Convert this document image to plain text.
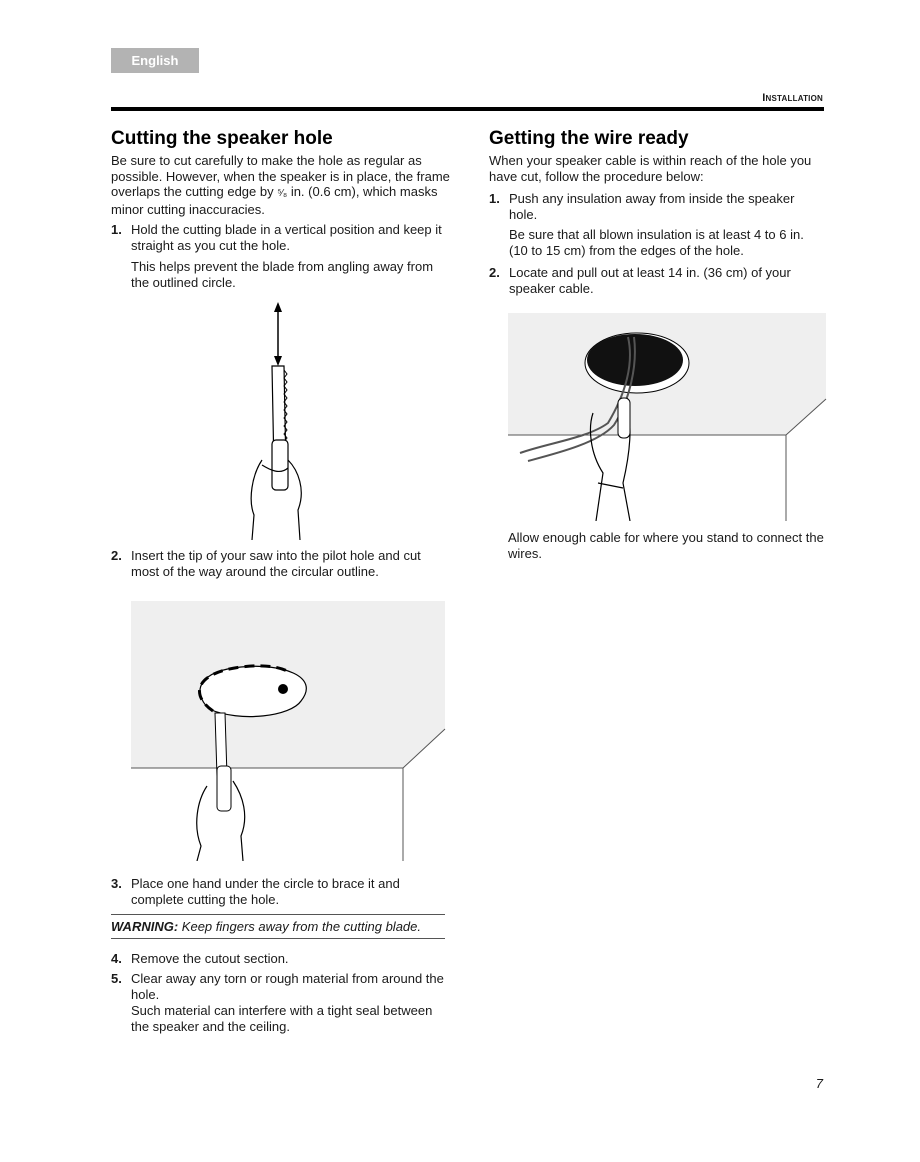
English
Installation
Cutting the speaker hole
Be sure to cut carefully to make the hole as regular as possible. However, when the speaker is in place, the frame overlaps the cutting edge by ⁵⁄₈ in. (0.6 cm), which masks minor cutting inaccuracies.
1. Hold the cutting blade in a vertical position and keep it straight as you cut the hole.
This helps prevent the blade from angling away from the outlined circle.
2. Insert the tip of your saw into the pilot hole and cut most of the way around the circular outline.
3. Place one hand under the circle to brace it and complete cutting the hole.
WARNING: Keep fingers away from the cutting blade.
4. Remove the cutout section.
5. Clear away any torn or rough material from around the hole.
Such material can interfere with a tight seal between the speaker and the ceiling.
Getting the wire ready
When your speaker cable is within reach of the hole you have cut, follow the procedure below:
1. Push any insulation away from inside the speaker hole.
Be sure that all blown insulation is at least 4 to 6 in. (10 to 15 cm) from the edges of the hole.
2. Locate and pull out at least 14 in. (36 cm) of your speaker cable.
Allow enough cable for where you stand to connect the wires.
7
